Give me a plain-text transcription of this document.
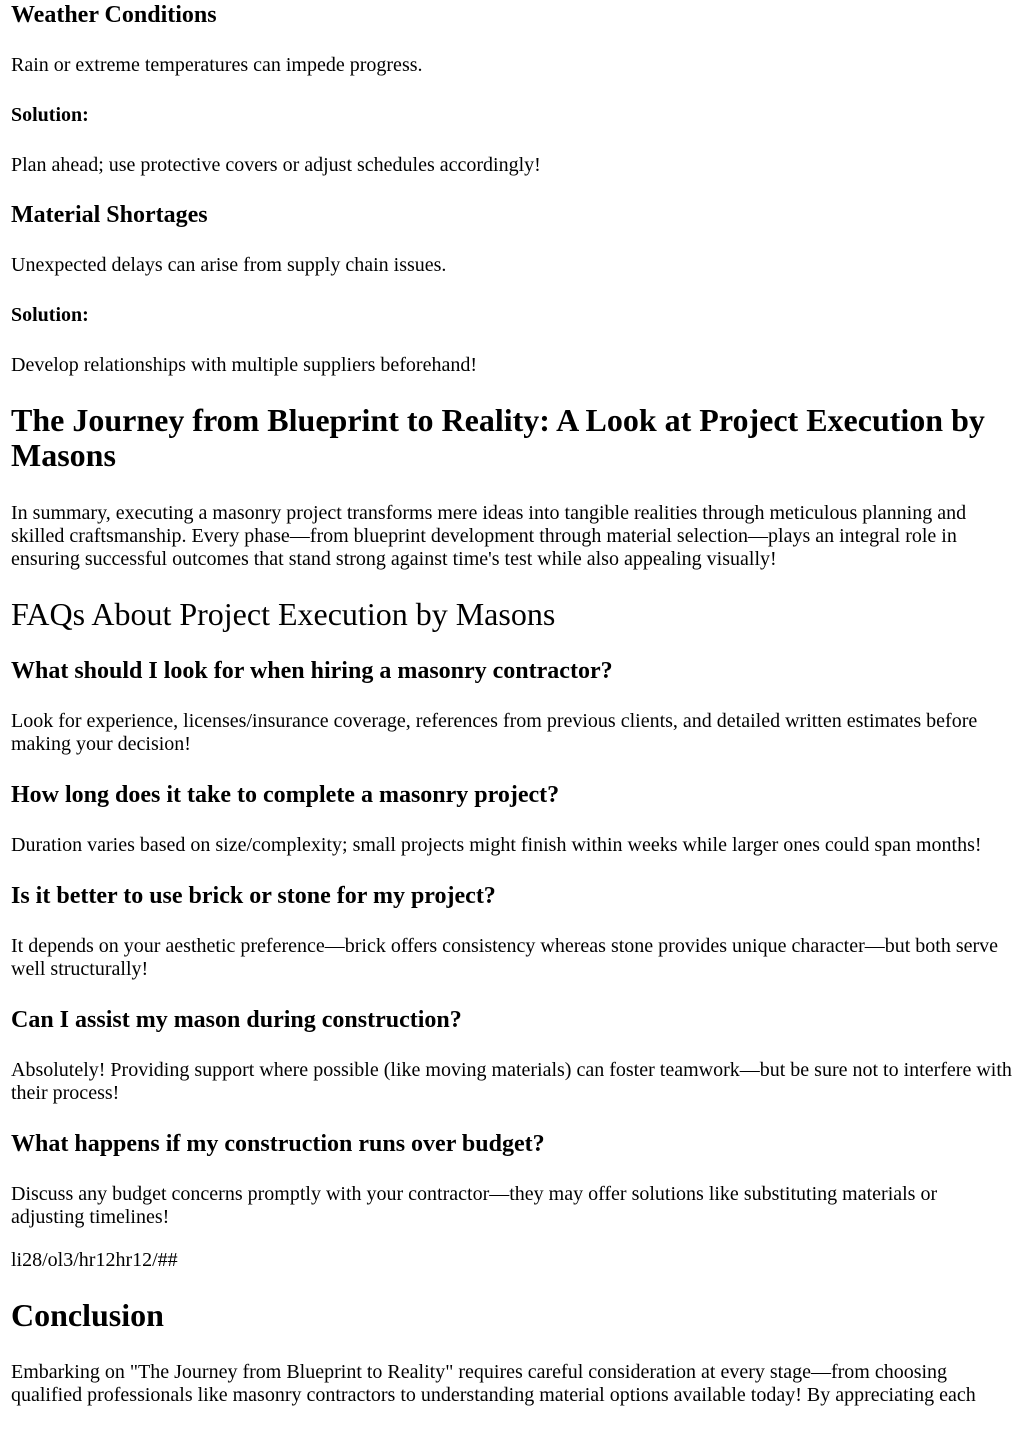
Weather Conditions

Rain or extreme temperatures can impede progress.

Solution:

Plan ahead; use protective covers or adjust schedules accordingly!

Material Shortages

Unexpected delays can arise from supply chain issues.

Solution:

Develop relationships with multiple suppliers beforehand!

The Journey from Blueprint to Reality: A Look at Project Execution by Masons

In summary, executing a masonry project transforms mere ideas into tangible realities through meticulous planning and skilled craftsmanship. Every phase—from blueprint development through material selection—plays an integral role in ensuring successful outcomes that stand strong against time's test while also appealing visually!

FAQs About Project Execution by Masons
What should I look for when hiring a masonry contractor?

Look for experience, licenses/insurance coverage, references from previous clients, and detailed written estimates before making your decision!

How long does it take to complete a masonry project?

Duration varies based on size/complexity; small projects might finish within weeks while larger ones could span months!

Is it better to use brick or stone for my project?

It depends on your aesthetic preference—brick offers consistency whereas stone provides unique character—but both serve well structurally!

Can I assist my mason during construction?

Absolutely! Providing support where possible (like moving materials) can foster teamwork—but be sure not to interfere with their process!

What happens if my construction runs over budget?

Discuss any budget concerns promptly with your contractor—they may offer solutions like substituting materials or adjusting timelines!

li28/ol3/hr12hr12/##

Conclusion

Embarking on "The Journey from Blueprint to Reality" requires careful consideration at every stage—from choosing qualified professionals like masonry contractors to understanding material options available today! By appreciating each
